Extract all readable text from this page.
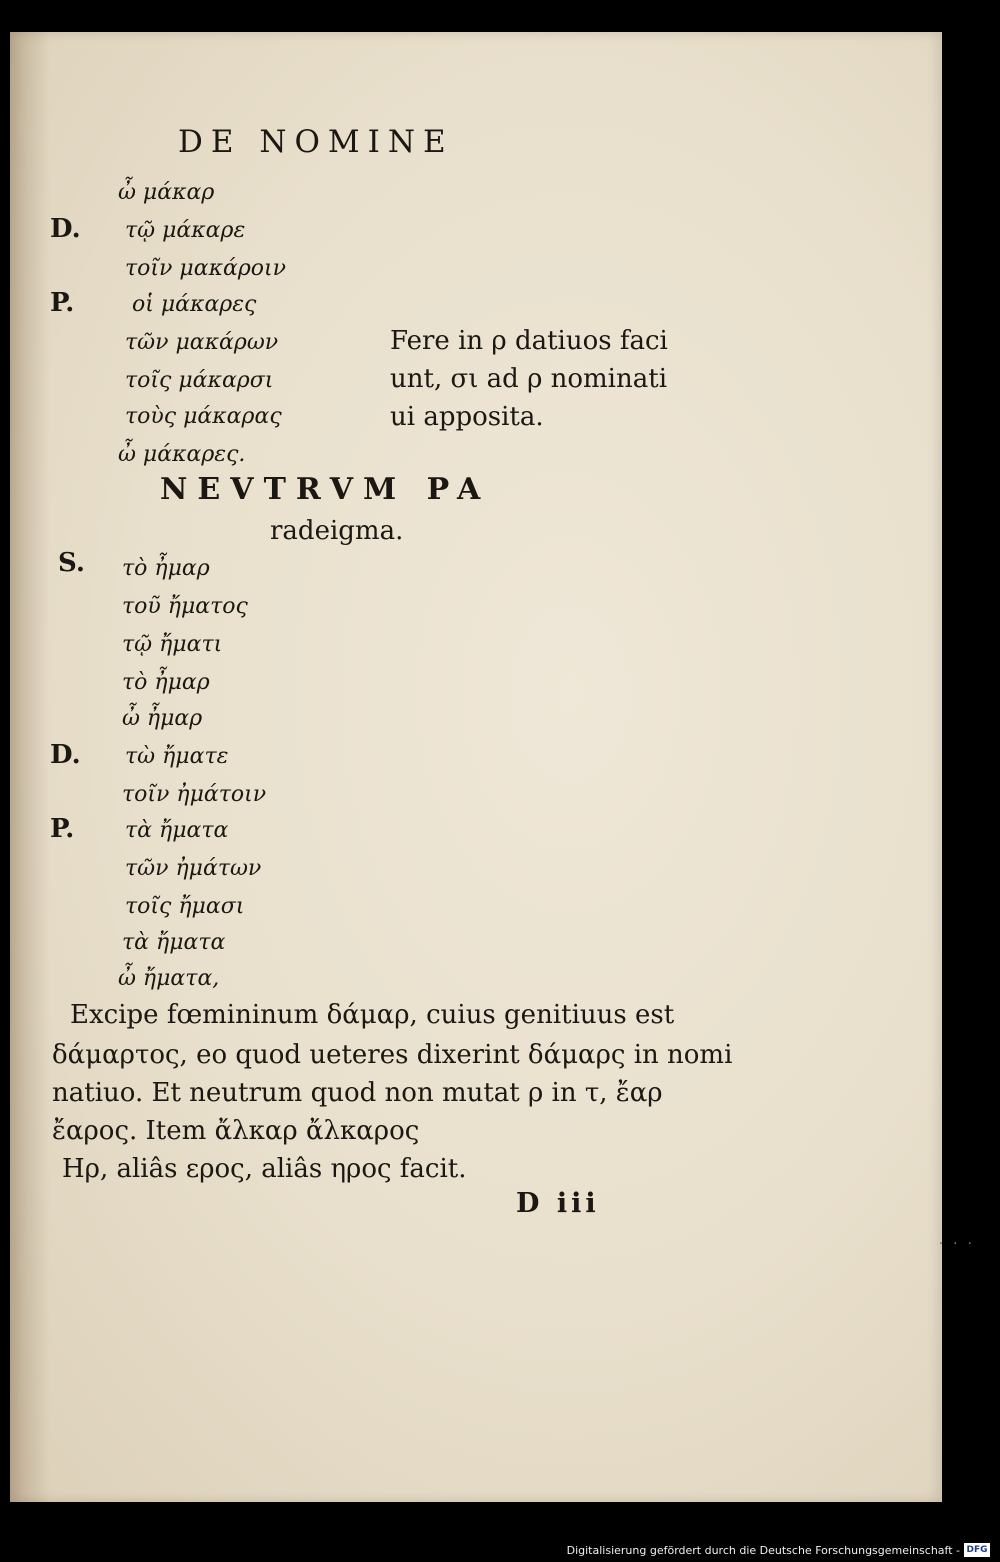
DE NOMINE
D.
P.
ὦ μάκαρ
τῷ μάκαρε
τοῖν μακάροιν
οἱ μάκαρες
τῶν μακάρων
τοῖς μάκαρσι
τοὺς μάκαρας
ὦ μάκαρες.
Fere in ρ datiuos faci
unt, σι ad ρ nominati
ui apposita.
NEVTRVM PA
radeigma.
S.
D.
P.
τὸ ἦμαρ
τοῦ ἤματος
τῷ ἤματι
τὸ ἦμαρ
ὦ ἦμαρ
τὼ ἤματε
τοῖν ἠμάτοιν
τὰ ἤματα
τῶν ἠμάτων
τοῖς ἤμασι
τὰ ἤματα
ὦ ἤματα,
Excipe fœmininum δάμαρ, cuius genitiuus est
δάμαρτος, eo quod ueteres dixerint δάμαρς in nomi
natiuo. Et neutrum quod non mutat ρ in τ, ἔαρ
ἔαρος. Item ἄλκαρ ἄλκαρος
Ηρ, aliâs ερος, aliâs ηρος facit.
D iii
···
Digitalisierung gefördert durch die Deutsche Forschungsgemeinschaft - DFG
